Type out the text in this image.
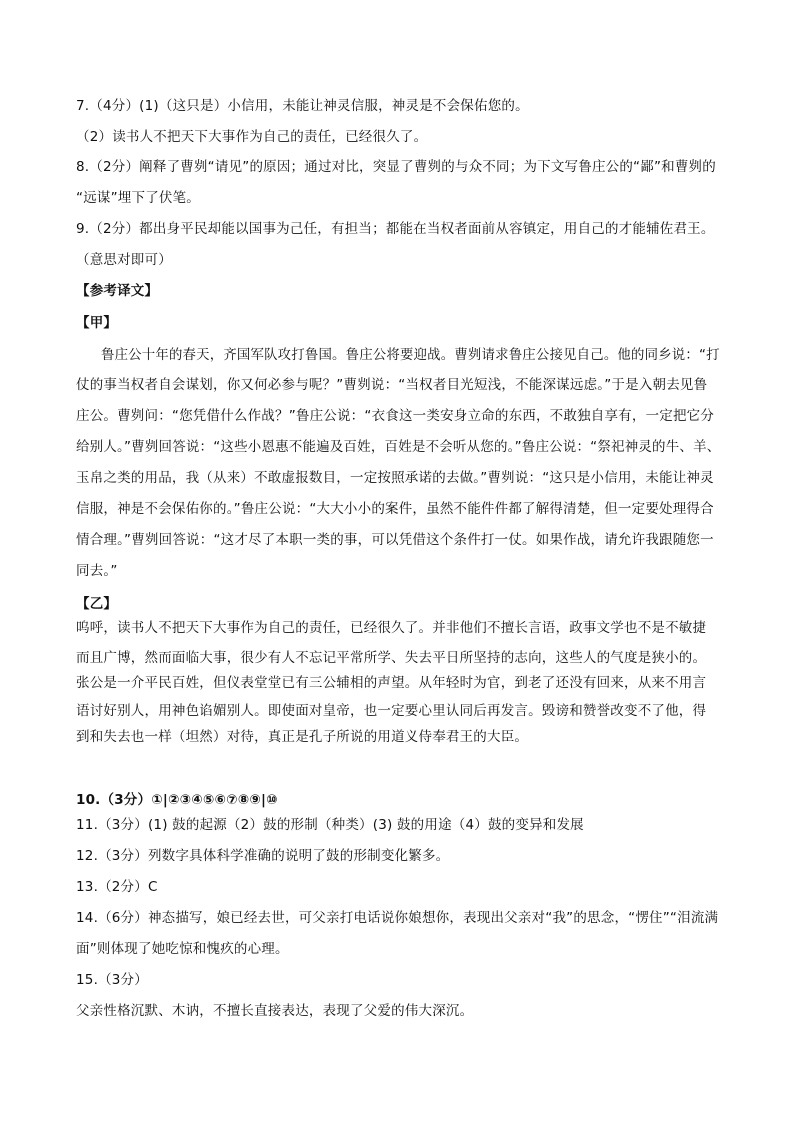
7.（4分）(1)（这只是）小信用，未能让神灵信服，神灵是不会保佑您的。
（2）读书人不把天下大事作为自己的责任，已经很久了。
8.（2分）阐释了曹刿“请见”的原因；通过对比，突显了曹刿的与众不同；为下文写鲁庄公的“鄙”和曹刿的
“远谋”埋下了伏笔。
9.（2分）都出身平民却能以国事为己任，有担当；都能在当权者面前从容镇定，用自己的才能辅佐君王。
（意思对即可）
【参考译文】
【甲】
鲁庄公十年的春天，齐国军队攻打鲁国。鲁庄公将要迎战。曹刿请求鲁庄公接见自己。他的同乡说：“打
仗的事当权者自会谋划，你又何必参与呢？”曹刿说：“当权者目光短浅，不能深谋远虑。”于是入朝去见鲁
庄公。曹刿问：“您凭借什么作战？”鲁庄公说：“衣食这一类安身立命的东西，不敢独自享有，一定把它分
给别人。”曹刿回答说：“这些小恩惠不能遍及百姓，百姓是不会听从您的。”鲁庄公说：“祭祀神灵的牛、羊、
玉帛之类的用品，我（从来）不敢虚报数目，一定按照承诺的去做。”曹刿说：“这只是小信用，未能让神灵
信服，神是不会保佑你的。”鲁庄公说：“大大小小的案件，虽然不能件件都了解得清楚，但一定要处理得合
情合理。”曹刿回答说：“这才尽了本职一类的事，可以凭借这个条件打一仗。如果作战，请允许我跟随您一
同去。”
【乙】
呜呼，读书人不把天下大事作为自己的责任，已经很久了。并非他们不擅长言语，政事文学也不是不敏捷
而且广博，然而面临大事，很少有人不忘记平常所学、失去平日所坚持的志向，这些人的气度是狭小的。
张公是一介平民百姓，但仪表堂堂已有三公辅相的声望。从年轻时为官，到老了还没有回来，从来不用言
语讨好别人，用神色谄媚别人。即使面对皇帝，也一定要心里认同后再发言。毁谤和赞誉改变不了他，得
到和失去也一样（坦然）对待，真正是孔子所说的用道义侍奉君王的大臣。
10.（3分）①|②③④⑤⑥⑦⑧⑨|⑩
11.（3分）(1) 鼓的起源（2）鼓的形制（种类）(3) 鼓的用途（4）鼓的变异和发展
12.（3分）列数字具体科学准确的说明了鼓的形制变化繁多。
13.（2分）C
14.（6分）神态描写，娘已经去世，可父亲打电话说你娘想你，表现出父亲对“我”的思念，“愣住”“泪流满
面”则体现了她吃惊和愧疚的心理。
15.（3分）
父亲性格沉默、木讷，不擅长直接表达，表现了父爱的伟大深沉。
